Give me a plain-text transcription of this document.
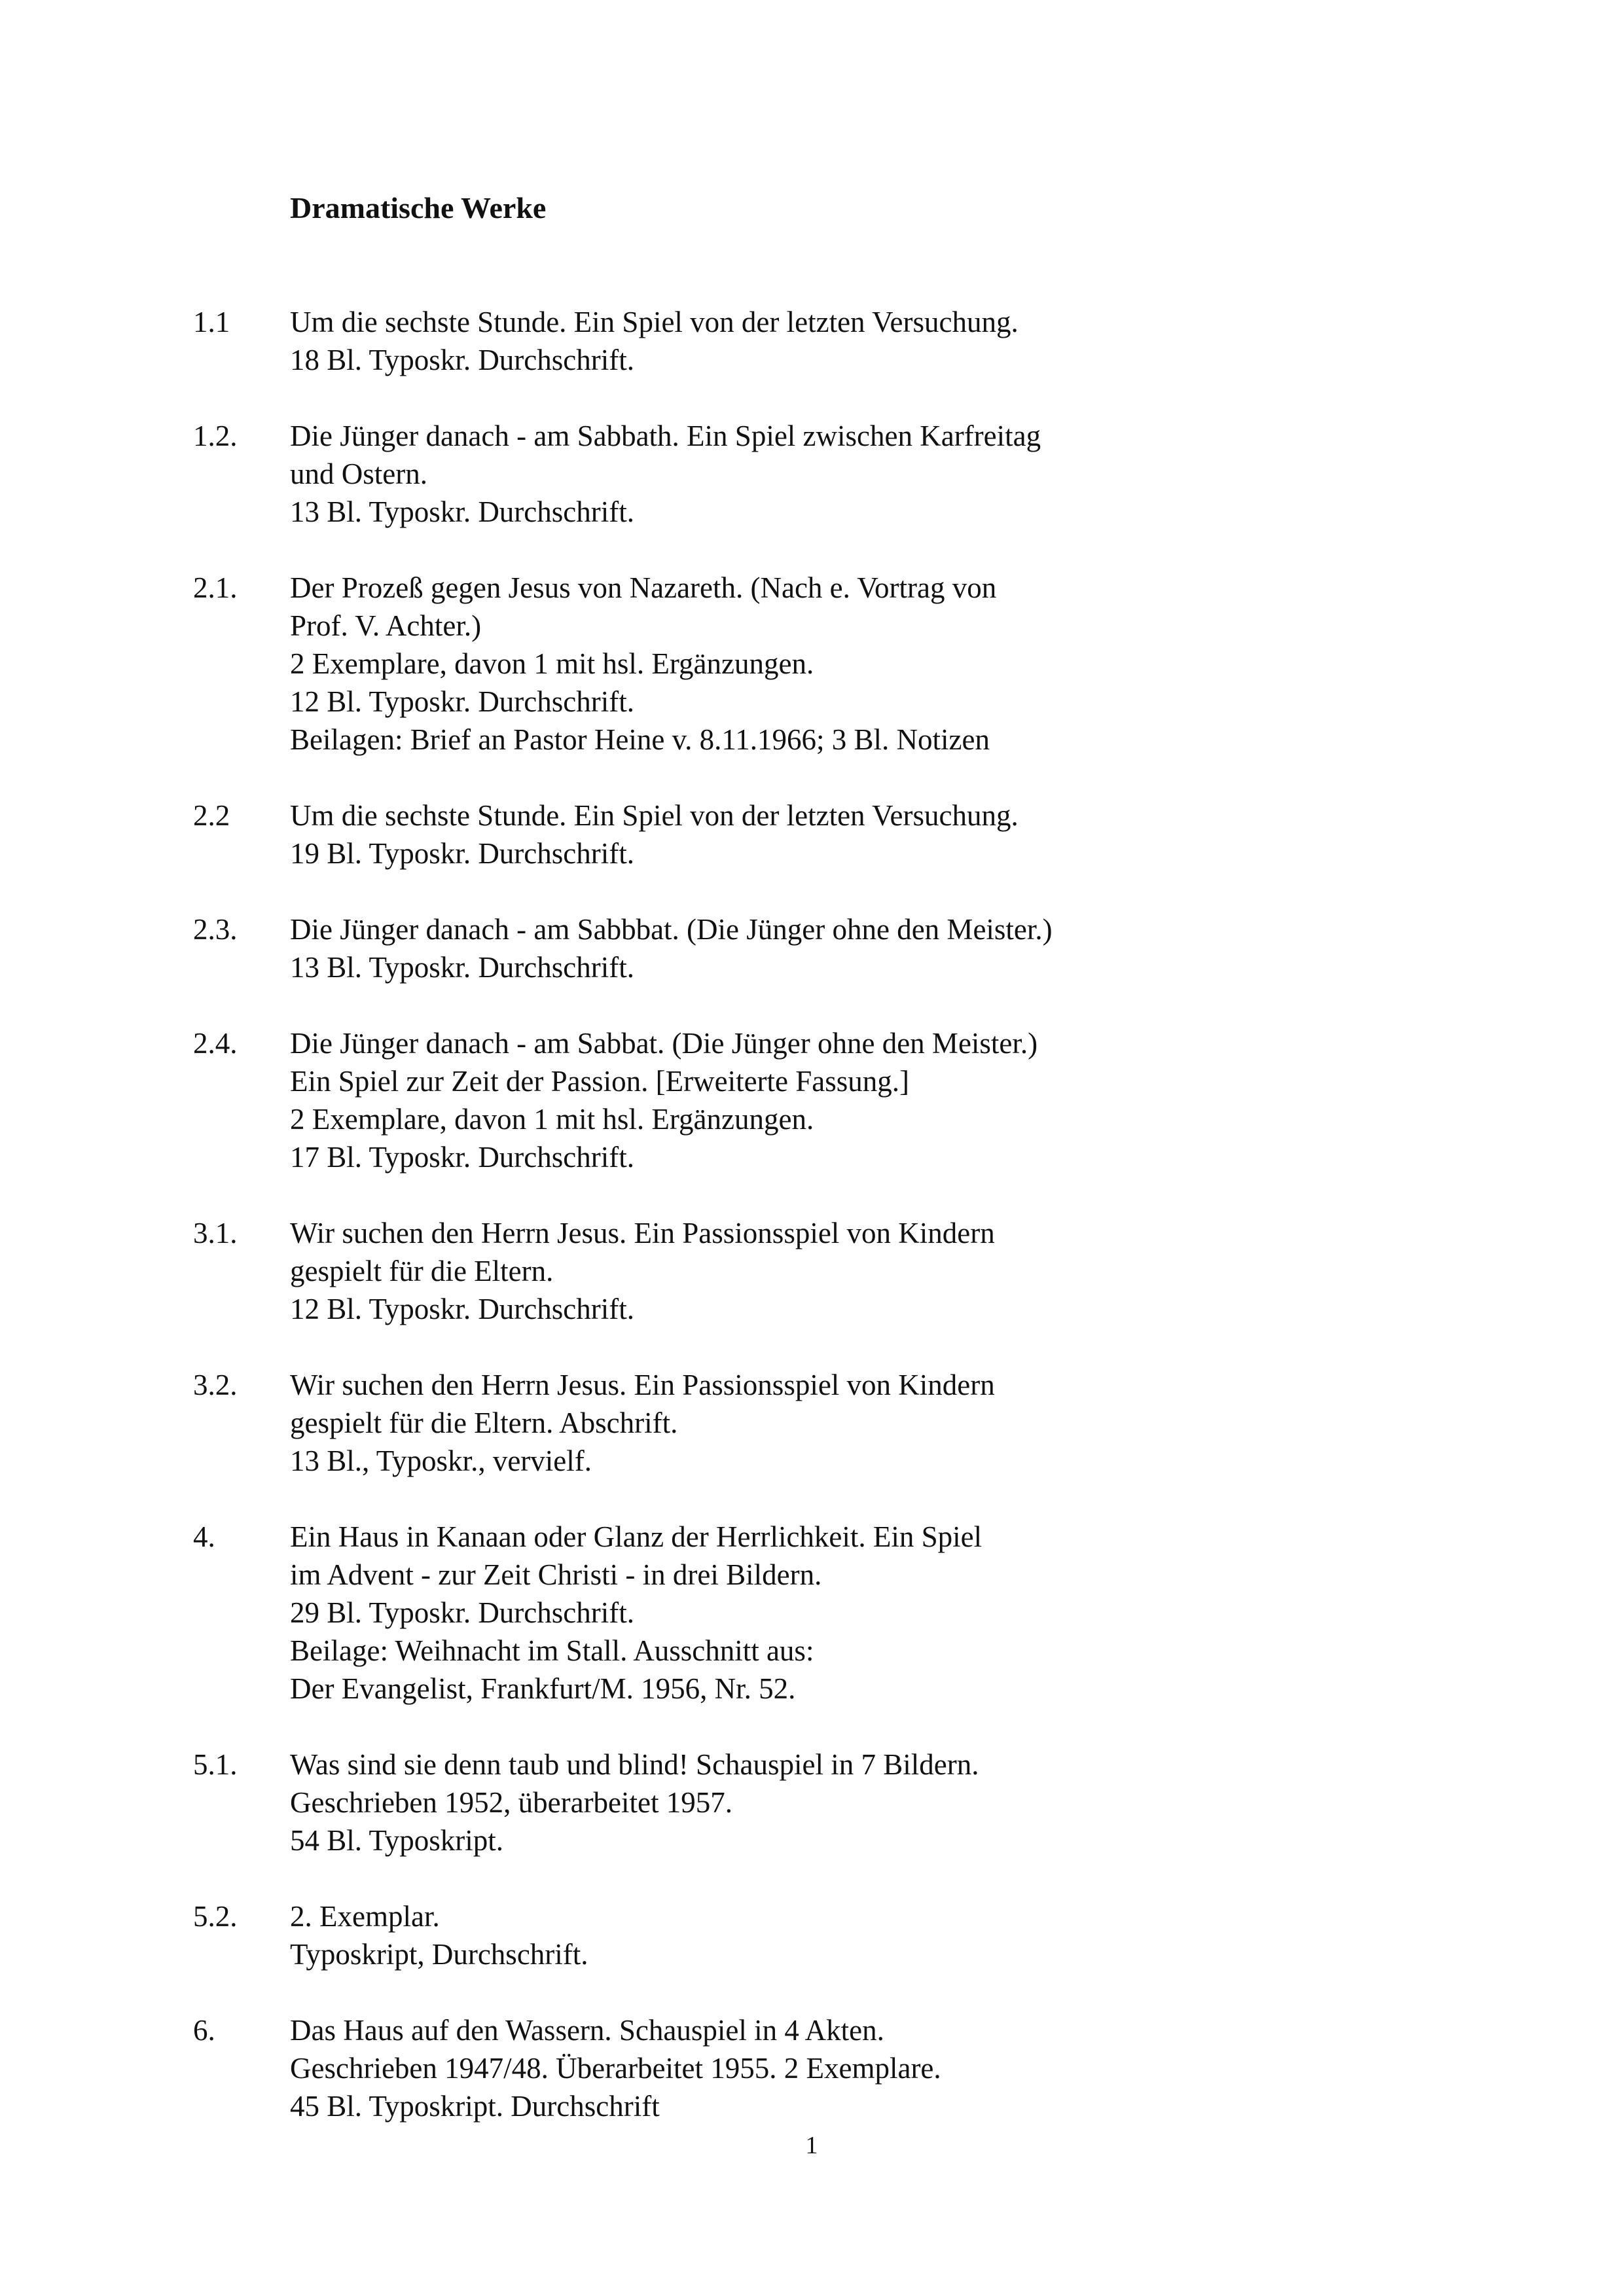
Dramatische Werke
1.1 Um die sechste Stunde. Ein Spiel von der letzten Versuchung.
18 Bl. Typoskr. Durchschrift.
1.2. Die Jünger danach - am Sabbath. Ein Spiel zwischen Karfreitag
und Ostern.
13 Bl. Typoskr. Durchschrift.
2.1. Der Prozeß gegen Jesus von Nazareth. (Nach e. Vortrag von
Prof. V. Achter.)
2 Exemplare, davon 1 mit hsl. Ergänzungen.
12 Bl. Typoskr. Durchschrift.
Beilagen: Brief an Pastor Heine v. 8.11.1966; 3 Bl. Notizen
2.2 Um die sechste Stunde. Ein Spiel von der letzten Versuchung.
19 Bl. Typoskr. Durchschrift.
2.3. Die Jünger danach - am Sabbbat. (Die Jünger ohne den Meister.)
13 Bl. Typoskr. Durchschrift.
2.4. Die Jünger danach - am Sabbat. (Die Jünger ohne den Meister.)
Ein Spiel zur Zeit der Passion. [Erweiterte Fassung.]
2 Exemplare, davon 1 mit hsl. Ergänzungen.
17 Bl. Typoskr. Durchschrift.
3.1. Wir suchen den Herrn Jesus. Ein Passionsspiel von Kindern
gespielt für die Eltern.
12 Bl. Typoskr. Durchschrift.
3.2. Wir suchen den Herrn Jesus. Ein Passionsspiel von Kindern
gespielt für die Eltern. Abschrift.
13 Bl., Typoskr., vervielf.
4.	Ein Haus in Kanaan oder Glanz der Herrlichkeit. Ein Spiel
im Advent - zur Zeit Christi - in drei Bildern.
29 Bl. Typoskr. Durchschrift.
Beilage: Weihnacht im Stall. Ausschnitt aus:
Der Evangelist, Frankfurt/M. 1956, Nr. 52.
5.1. Was sind sie denn taub und blind! Schauspiel in 7 Bildern.
Geschrieben 1952, überarbeitet 1957.
54 Bl. Typoskript.
5.2. 2. Exemplar.
Typoskript, Durchschrift.
6.	Das Haus auf den Wassern. Schauspiel in 4 Akten.
Geschrieben 1947/48. Überarbeitet 1955. 2 Exemplare.
45 Bl. Typoskript. Durchschrift
1
